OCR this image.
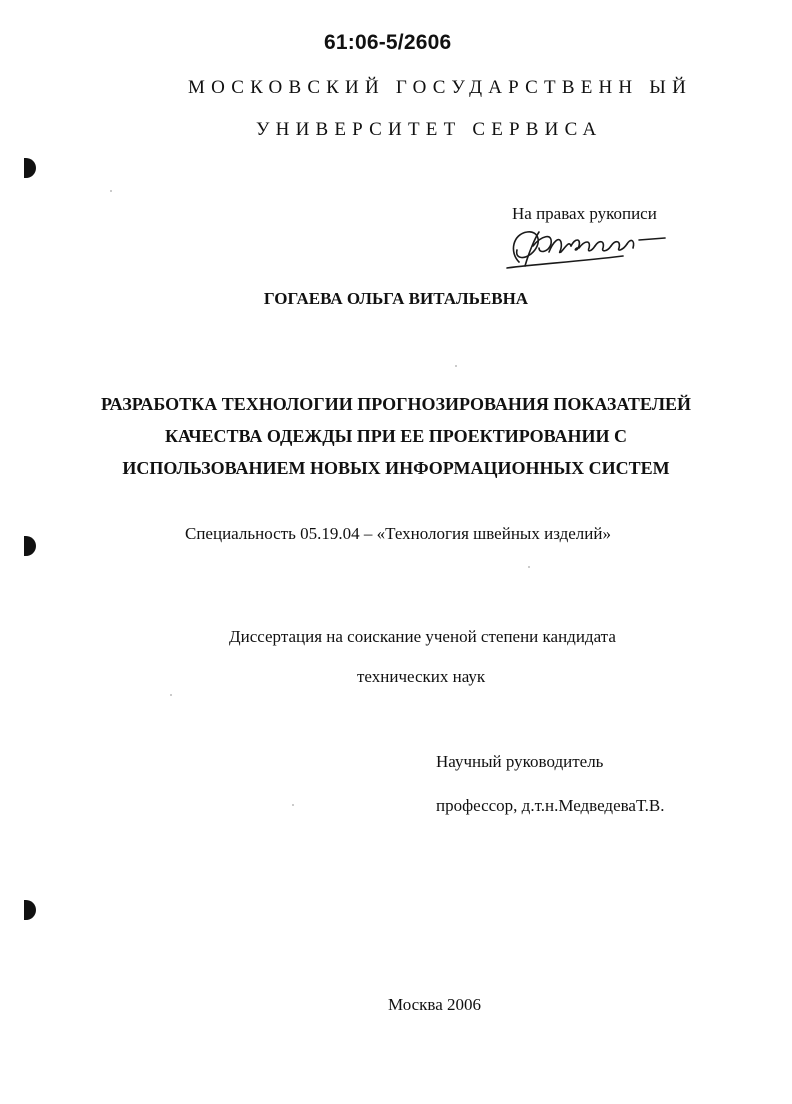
61:06-5/2606
МОСКОВСКИЙ ГОСУДАРСТВЕНН ЫЙ
УНИВЕРСИТЕТ СЕРВИСА
На правах рукописи
ГОГАЕВА ОЛЬГА ВИТАЛЬЕВНА
РАЗРАБОТКА ТЕХНОЛОГИИ ПРОГНОЗИРОВАНИЯ ПОКАЗАТЕЛЕЙ
КАЧЕСТВА ОДЕЖДЫ ПРИ ЕЕ ПРОЕКТИРОВАНИИ С
ИСПОЛЬЗОВАНИЕМ НОВЫХ ИНФОРМАЦИОННЫХ СИСТЕМ
Специальность 05.19.04 – «Технология швейных изделий»
Диссертация на соискание ученой степени кандидата
технических наук
Научный руководитель
профессор, д.т.н.МедведеваТ.В.
Москва 2006
